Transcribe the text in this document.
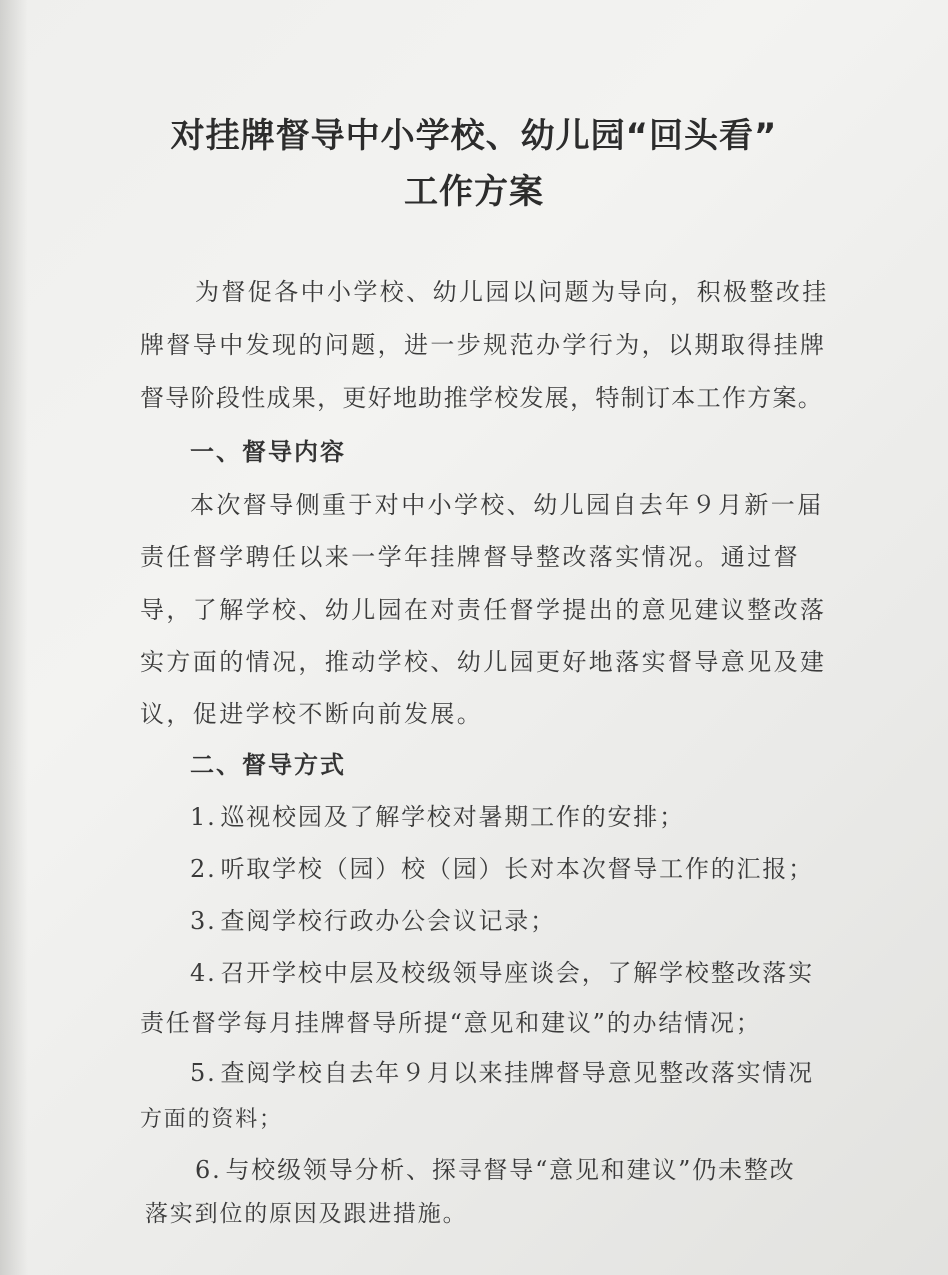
对挂牌督导中小学校、幼儿园“回头看”
工作方案
为督促各中小学校、幼儿园以问题为导向，积极整改挂
牌督导中发现的问题，进一步规范办学行为，以期取得挂牌
督导阶段性成果，更好地助推学校发展，特制订本工作方案。
一、督导内容
本次督导侧重于对中小学校、幼儿园自去年９月新一届
责任督学聘任以来一学年挂牌督导整改落实情况。通过督
导，了解学校、幼儿园在对责任督学提出的意见建议整改落
实方面的情况，推动学校、幼儿园更好地落实督导意见及建
议，促进学校不断向前发展。
二、督导方式
1. 巡视校园及了解学校对暑期工作的安排；
2. 听取学校（园）校（园）长对本次督导工作的汇报；
3. 查阅学校行政办公会议记录；
4. 召开学校中层及校级领导座谈会，了解学校整改落实
责任督学每月挂牌督导所提“意见和建议”的办结情况；
5. 查阅学校自去年９月以来挂牌督导意见整改落实情况
方面的资料；
6. 与校级领导分析、探寻督导“意见和建议”仍未整改
落实到位的原因及跟进措施。
